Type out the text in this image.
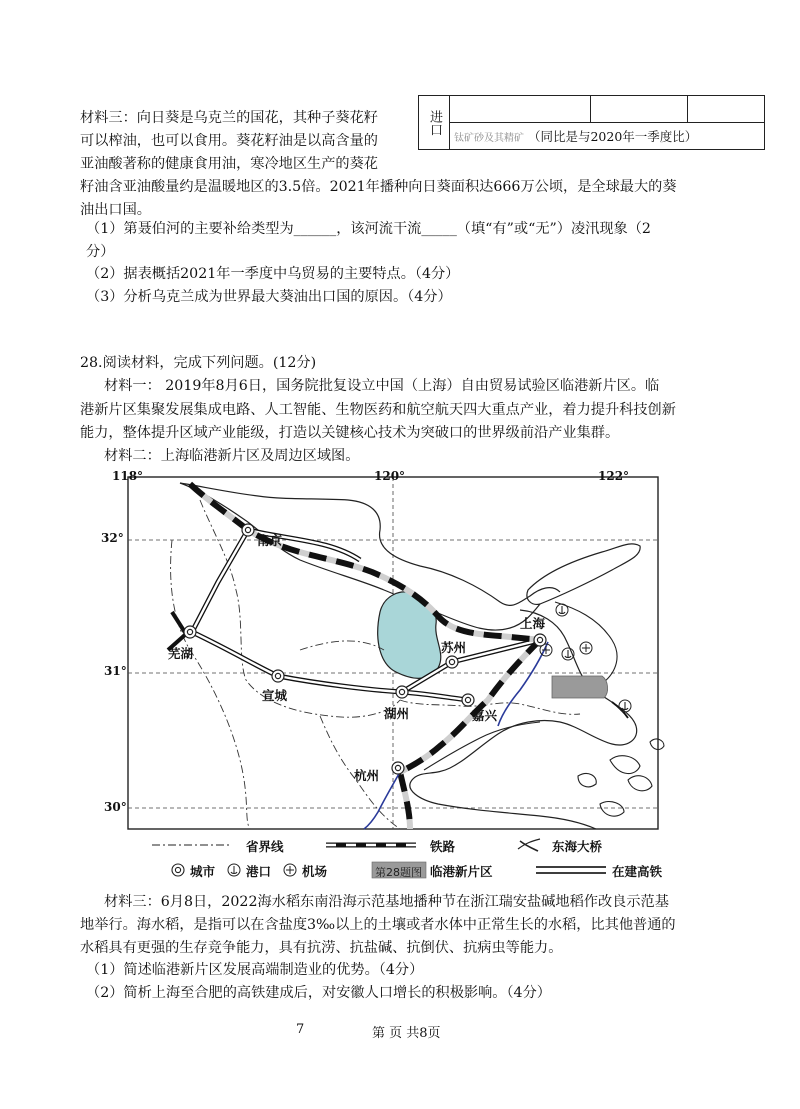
材料三：向日葵是乌克兰的国花，其种子葵花籽
可以榨油，也可以食用。葵花籽油是以高含量的
亚油酸著称的健康食用油，寒冷地区生产的葵花
籽油含亚油酸量约是温暖地区的3.5倍。2021年播种向日葵面积达666万公顷，是全球最大的葵
油出口国。
进口			
钛矿砂及其精矿 （同比是与2020年一季度比）
（1）第聂伯河的主要补给类型为______，该河流干流_____（填“有”或“无”）凌汛现象（2
分）
（2）据表概括2021年一季度中乌贸易的主要特点。（4分）
（3）分析乌克兰成为世界最大葵油出口国的原因。（4分）
28.阅读材料，完成下列问题。(12分)
材料一： 2019年8月6日，国务院批复设立中国（上海）自由贸易试验区临港新片区。临
港新片区集聚发展集成电路、人工智能、生物医药和航空航天四大重点产业，着力提升科技创新
能力，整体提升区域产业能级，打造以关键核心技术为突破口的世界级前沿产业集群。
材料二：上海临港新片区及周边区域图。
118°	120°	122°
32°
31°
30°
南京
芜湖
宣城
湖州
苏州
嘉兴
上海
杭州
省界线	铁路	东海大桥
城市 港口 机场	第28题图 临港新片区	在建高铁
材料三：6月8日，2022海水稻东南沿海示范基地播种节在浙江瑞安盐碱地稻作改良示范基
地举行。海水稻，是指可以在含盐度3‰以上的土壤或者水体中正常生长的水稻，比其他普通的
水稻具有更强的生存竞争能力，具有抗涝、抗盐碱、抗倒伏、抗病虫等能力。
（1）简述临港新片区发展高端制造业的优势。（4分）
（2）简析上海至合肥的高铁建成后，对安徽人口增长的积极影响。（4分）
7	第 页 共8页
